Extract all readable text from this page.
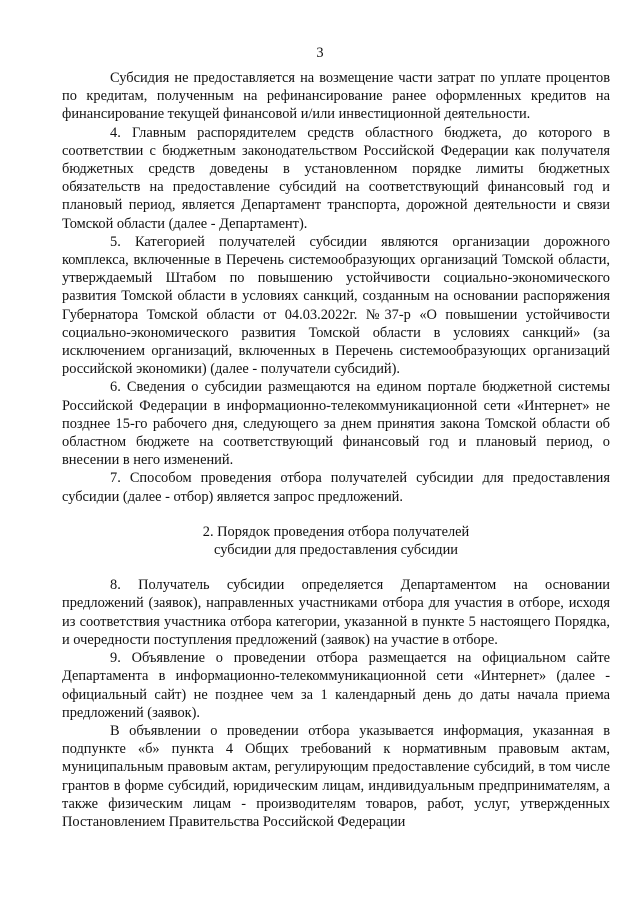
3

Субсидия не предоставляется на возмещение части затрат по уплате процентов по кредитам, полученным на рефинансирование ранее оформленных кредитов на финансирование текущей финансовой и/или инвестиционной деятельности.

4. Главным распорядителем средств областного бюджета, до которого в соответствии с бюджетным законодательством Российской Федерации как получателя бюджетных средств доведены в установленном порядке лимиты бюджетных обязательств на предоставление субсидий на соответствующий финансовый год и плановый период, является Департамент транспорта, дорожной деятельности и связи Томской области (далее - Департамент).

5. Категорией получателей субсидии являются организации дорожного комплекса, включенные в Перечень системообразующих организаций Томской области, утверждаемый Штабом по повышению устойчивости социально-экономического развития Томской области в условиях санкций, созданным на основании распоряжения Губернатора Томской области от 04.03.2022г. №37-р «О повышении устойчивости социально-экономического развития Томской области в условиях санкций» (за исключением организаций, включенных в Перечень системообразующих организаций российской экономики) (далее - получатели субсидий).

6. Сведения о субсидии размещаются на едином портале бюджетной системы Российской Федерации в информационно-телекоммуникационной сети «Интернет» не позднее 15-го рабочего дня, следующего за днем принятия закона Томской области об областном бюджете на соответствующий финансовый год и плановый период, о внесении в него изменений.

7. Способом проведения отбора получателей субсидии для предоставления субсидии (далее - отбор) является запрос предложений.

2. Порядок проведения отбора получателей
субсидии для предоставления субсидии

8. Получатель субсидии определяется Департаментом на основании предложений (заявок), направленных участниками отбора для участия в отборе, исходя из соответствия участника отбора категории, указанной в пункте 5 настоящего Порядка, и очередности поступления предложений (заявок) на участие в отборе.

9. Объявление о проведении отбора размещается на официальном сайте Департамента в информационно-телекоммуникационной сети «Интернет» (далее - официальный сайт) не позднее чем за 1 календарный день до даты начала приема предложений (заявок).

В объявлении о проведении отбора указывается информация, указанная в подпункте «б» пункта 4 Общих требований к нормативным правовым актам, муниципальным правовым актам, регулирующим предоставление субсидий, в том числе грантов в форме субсидий, юридическим лицам, индивидуальным предпринимателям, а также физическим лицам - производителям товаров, работ, услуг, утвержденных Постановлением Правительства Российской Федерации
